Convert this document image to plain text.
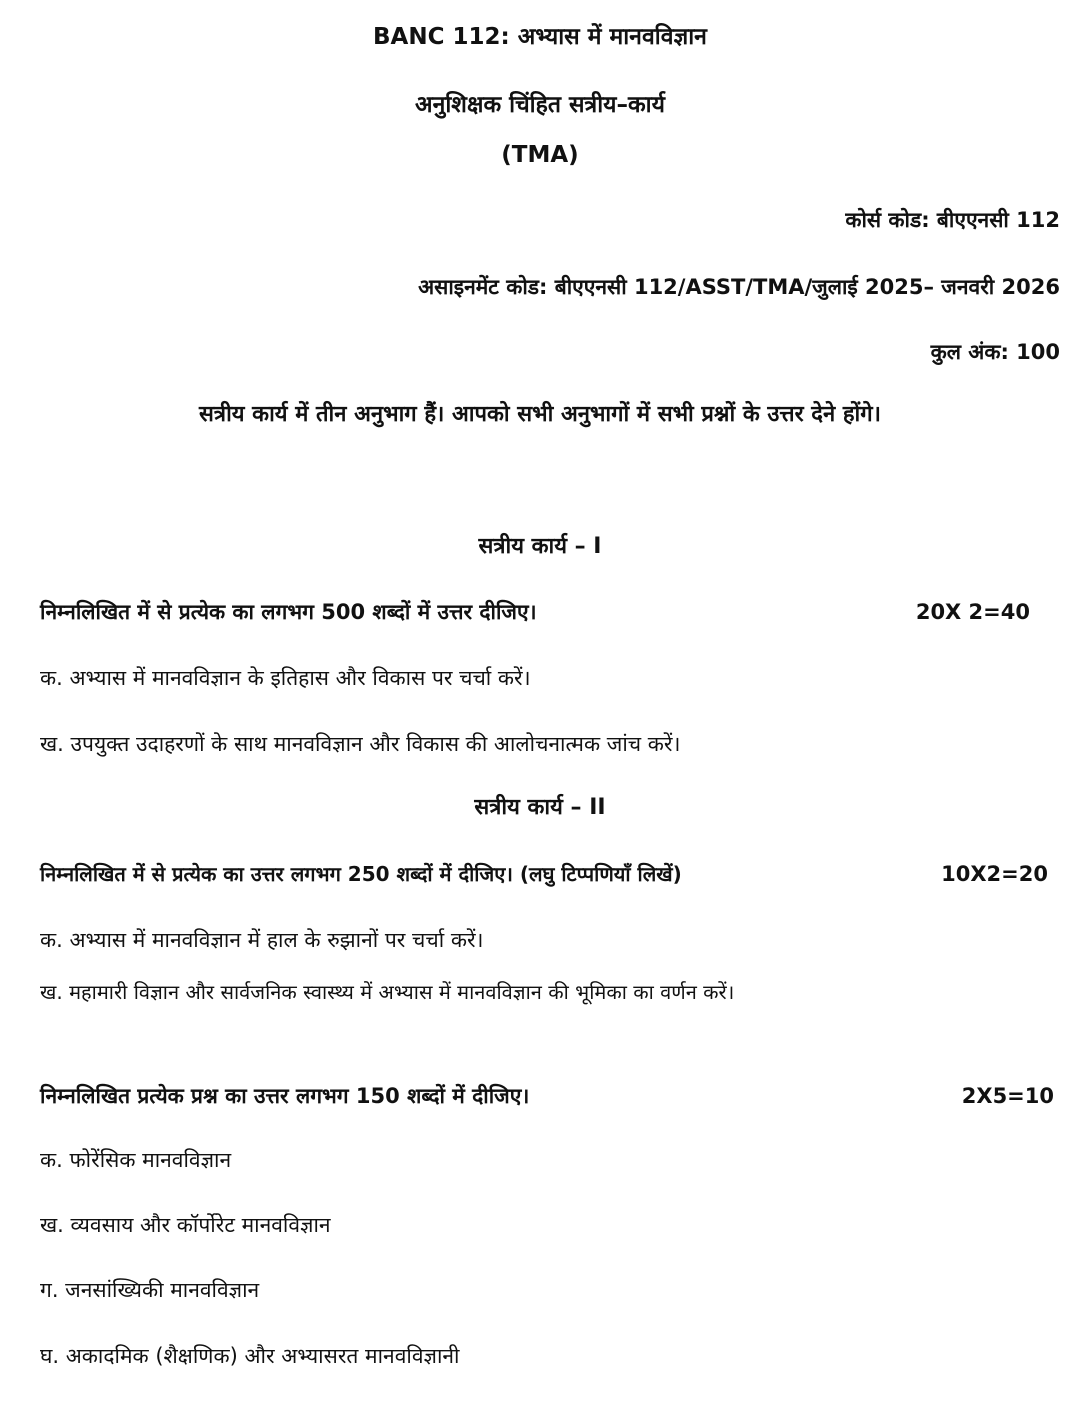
BANC 112: अभ्यास में मानवविज्ञान
अनुशिक्षक चिंहित सत्रीय–कार्य
(TMA)
कोर्स कोड: बीएएनसी 112
असाइनमेंट कोड: बीएएनसी 112/ASST/TMA/जुलाई 2025– जनवरी 2026
कुल अंक: 100
सत्रीय कार्य में तीन अनुभाग हैं। आपको सभी अनुभागों में सभी प्रश्नों के उत्तर देने होंगे।
सत्रीय कार्य – I
निम्नलिखित में से प्रत्येक का लगभग 500 शब्दों में उत्तर दीजिए।	20X 2=40
क. अभ्यास में मानवविज्ञान के इतिहास और विकास पर चर्चा करें।
ख. उपयुक्त उदाहरणों के साथ मानवविज्ञान और विकास की आलोचनात्मक जांच करें।
सत्रीय कार्य – II
निम्नलिखित में से प्रत्येक का उत्तर लगभग 250 शब्दों में दीजिए। (लघु टिप्पणियाँ लिखें)	10X2=20
क. अभ्यास में मानवविज्ञान में हाल के रुझानों पर चर्चा करें।
ख. महामारी विज्ञान और सार्वजनिक स्वास्थ्य में अभ्यास में मानवविज्ञान की भूमिका का वर्णन करें।
निम्नलिखित प्रत्येक प्रश्न का उत्तर लगभग 150 शब्दों में दीजिए।	2X5=10
क. फोरेंसिक मानवविज्ञान
ख. व्यवसाय और कॉर्पोरेट मानवविज्ञान
ग. जनसांख्यिकी मानवविज्ञान
घ. अकादमिक (शैक्षणिक) और अभ्यासरत मानवविज्ञानी
